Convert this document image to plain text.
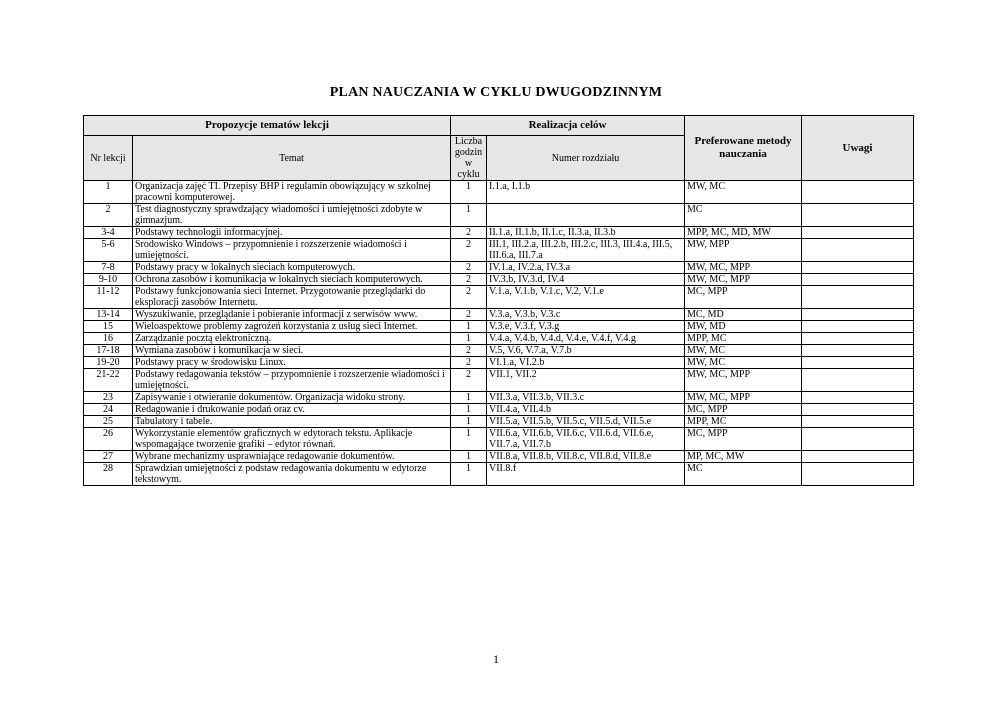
PLAN NAUCZANIA W CYKLU DWUGODZINNYM
Propozycje tematów lekcji		Realizacja celów		Preferowane metody nauczania	Uwagi
Nr lekcji	Temat	Liczba godzin w cyklu	Numer rozdziału		
1	Organizacja zajęć TI. Przepisy BHP i regulamin obowiązujący w szkolnej pracowni komputerowej.	1	I.1.a, I.1.b	MW, MC	
2	Test diagnostyczny sprawdzający wiadomości i umiejętności zdobyte w gimnazjum.	1		MC	
3-4	Podstawy technologii informacyjnej.	2	II.1.a, II.1.b, II.1.c, II.3.a, II.3.b	MPP, MC, MD, MW	
5-6	Środowisko Windows – przypomnienie i rozszerzenie wiadomości i umiejętności.	2	III.1, III.2.a, III.2.b, III.2.c, III.3, III.4.a, III.5, III.6.a, III.7.a	MW, MPP	
7-8	Podstawy pracy w lokalnych sieciach komputerowych.	2	IV.1.a, IV.2.a, IV.3.a	MW, MC, MPP	
9-10	Ochrona zasobów i komunikacja w lokalnych sieciach komputerowych.	2	IV.3.b, IV.3.d, IV.4	MW, MC, MPP	
11-12	Podstawy funkcjonowania sieci Internet. Przygotowanie przeglądarki do eksploracji zasobów Internetu.	2	V.1.a, V.1.b, V.1.c, V.2, V.1.e	MC, MPP	
13-14	Wyszukiwanie, przeglądanie i pobieranie informacji z serwisów www.	2	V.3.a, V.3.b, V.3.c	MC, MD	
15	Wieloaspektowe problemy zagrożeń korzystania z usług sieci Internet.	1	V.3.e, V.3.f, V.3.g	MW, MD	
16	Zarządzanie pocztą elektroniczną.	1	V.4.a, V.4.b, V.4.d, V.4.e, V.4.f, V.4.g	MPP, MC	
17-18	Wymiana zasobów i komunikacja w sieci.	2	V.5, V.6, V.7.a, V.7.b	MW, MC	
19-20	Podstawy pracy w środowisku Linux.	2	VI.1.a, VI.2.b	MW, MC	
21-22	Podstawy redagowania tekstów – przypomnienie i rozszerzenie wiadomości i umiejętności.	2	VII.1, VII.2	MW, MC, MPP	
23	Zapisywanie i otwieranie dokumentów. Organizacja widoku strony.	1	VII.3.a, VII.3.b, VII.3.c	MW, MC, MPP	
24	Redagowanie i drukowanie podań oraz cv.	1	VII.4.a, VII.4.b	MC, MPP	
25	Tabulatory i tabele.	1	VII.5.a, VII.5.b, VII.5.c, VII.5.d, VII.5.e	MPP, MC	
26	Wykorzystanie elementów graficznych w edytorach tekstu. Aplikacje wspomagające tworzenie grafiki – edytor równań.	1	VII.6.a, VII.6.b, VII.6.c, VII.6.d, VII.6.e, VII.7.a, VII.7.b	MC, MPP	
27	Wybrane mechanizmy usprawniające redagowanie dokumentów.	1	VII.8.a, VII.8.b, VII.8.c, VII.8.d, VII.8.e	MP, MC, MW	
28	Sprawdzian umiejętności z podstaw redagowania dokumentu w edytorze tekstowym.	1	VII.8.f	MC	
1
